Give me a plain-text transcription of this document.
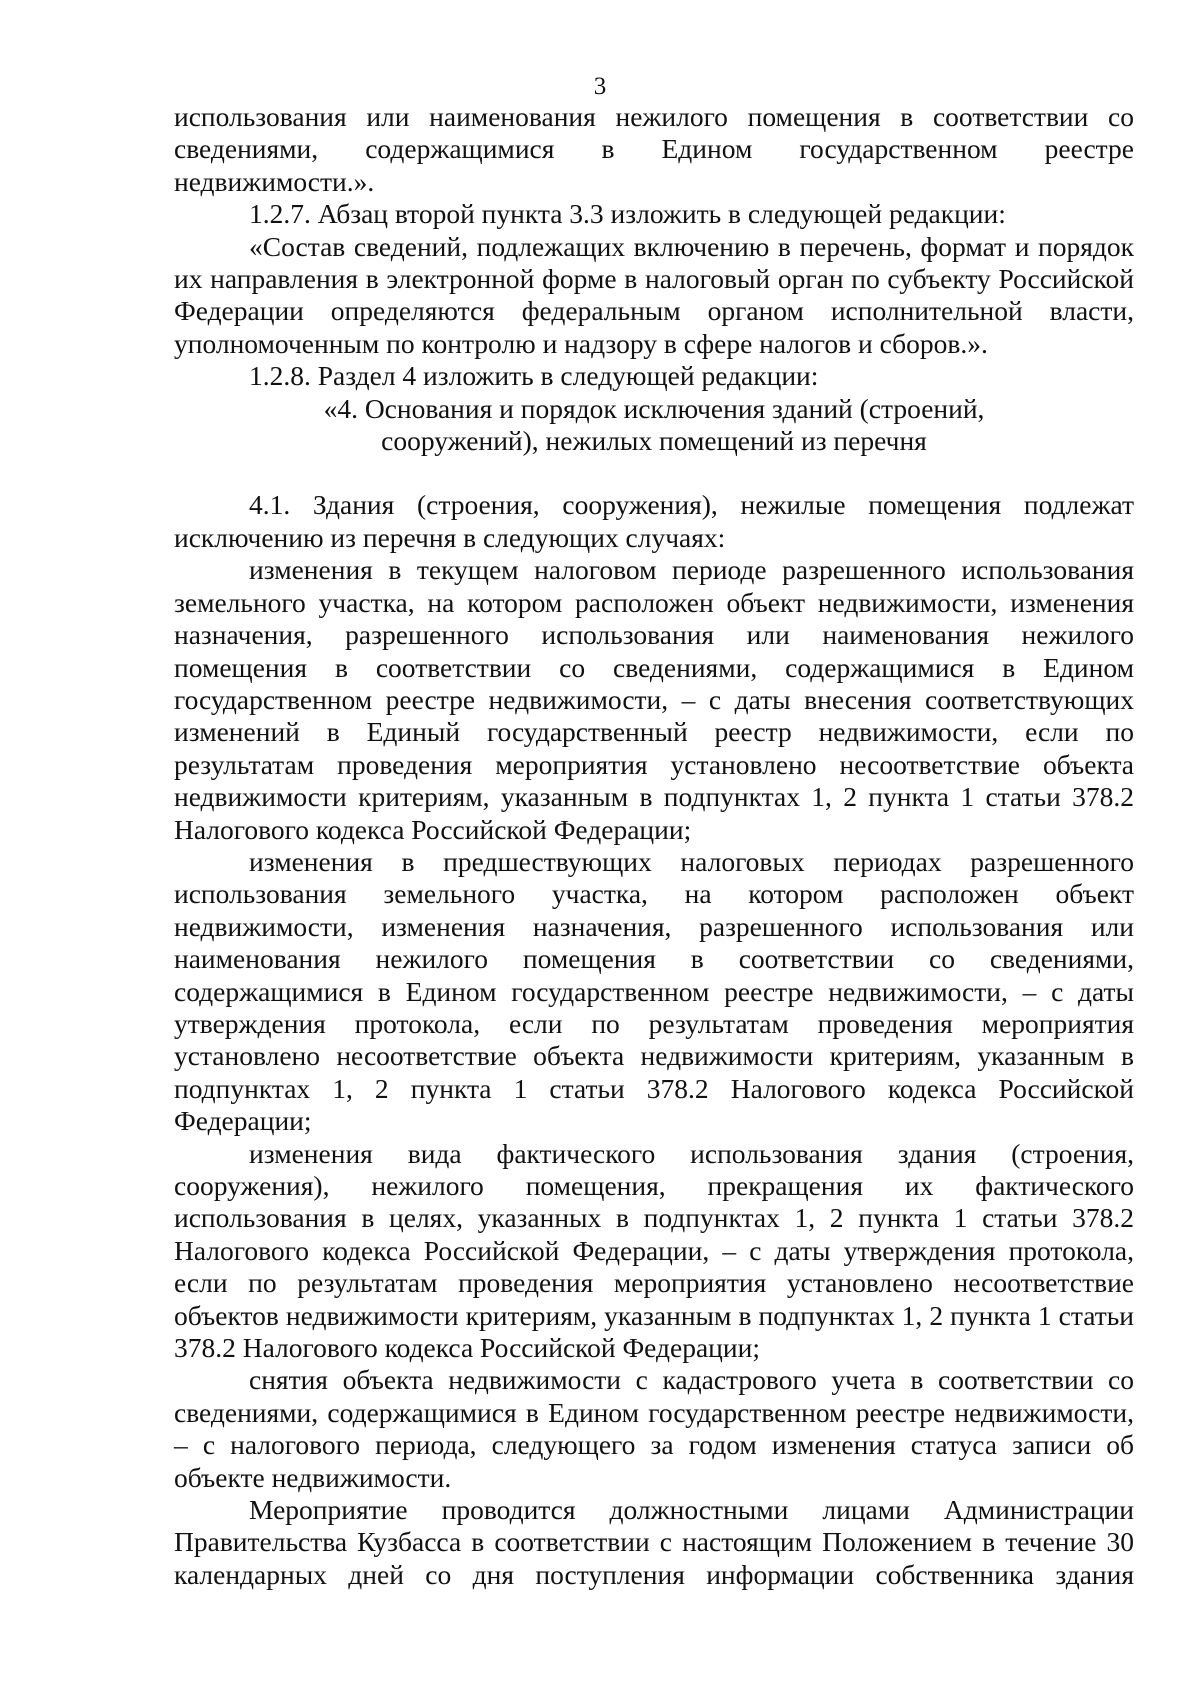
3

использования или наименования нежилого помещения в соответствии со сведениями, содержащимися в Едином государственном реестре недвижимости.».

1.2.7. Абзац второй пункта 3.3 изложить в следующей редакции:

«Состав сведений, подлежащих включению в перечень, формат и порядок их направления в электронной форме в налоговый орган по субъекту Российской Федерации определяются федеральным органом исполнительной власти, уполномоченным по контролю и надзору в сфере налогов и сборов.».

1.2.8. Раздел 4 изложить в следующей редакции:

«4. Основания и порядок исключения зданий (строений,

сооружений), нежилых помещений из перечня

4.1. Здания (строения, сооружения), нежилые помещения подлежат исключению из перечня в следующих случаях:

изменения в текущем налоговом периоде разрешенного использования земельного участка, на котором расположен объект недвижимости, изменения назначения, разрешенного использования или наименования нежилого помещения в соответствии со сведениями, содержащимися в Едином государственном реестре недвижимости, – с даты внесения соответствующих изменений в Единый государственный реестр недвижимости, если по результатам проведения мероприятия установлено несоответствие объекта недвижимости критериям, указанным в подпунктах 1, 2 пункта 1 статьи 378.2 Налогового кодекса Российской Федерации;

изменения в предшествующих налоговых периодах разрешенного использования земельного участка, на котором расположен объект недвижимости, изменения назначения, разрешенного использования или наименования нежилого помещения в соответствии со сведениями, содержащимися в Едином государственном реестре недвижимости, – с даты утверждения протокола, если по результатам проведения мероприятия установлено несоответствие объекта недвижимости критериям, указанным в подпунктах 1, 2 пункта 1 статьи 378.2 Налогового кодекса Российской Федерации;

изменения вида фактического использования здания (строения, сооружения), нежилого помещения, прекращения их фактического использования в целях, указанных в подпунктах 1, 2 пункта 1 статьи 378.2 Налогового кодекса Российской Федерации, – с даты утверждения протокола, если по результатам проведения мероприятия установлено несоответствие объектов недвижимости критериям, указанным в подпунктах 1, 2 пункта 1 статьи 378.2 Налогового кодекса Российской Федерации;

снятия объекта недвижимости с кадастрового учета в соответствии со сведениями, содержащимися в Едином государственном реестре недвижимости, – с налогового периода, следующего за годом изменения статуса записи об объекте недвижимости.

Мероприятие проводится должностными лицами Администрации Правительства Кузбасса в соответствии с настоящим Положением в течение 30 календарных дней со дня поступления информации собственника здания
